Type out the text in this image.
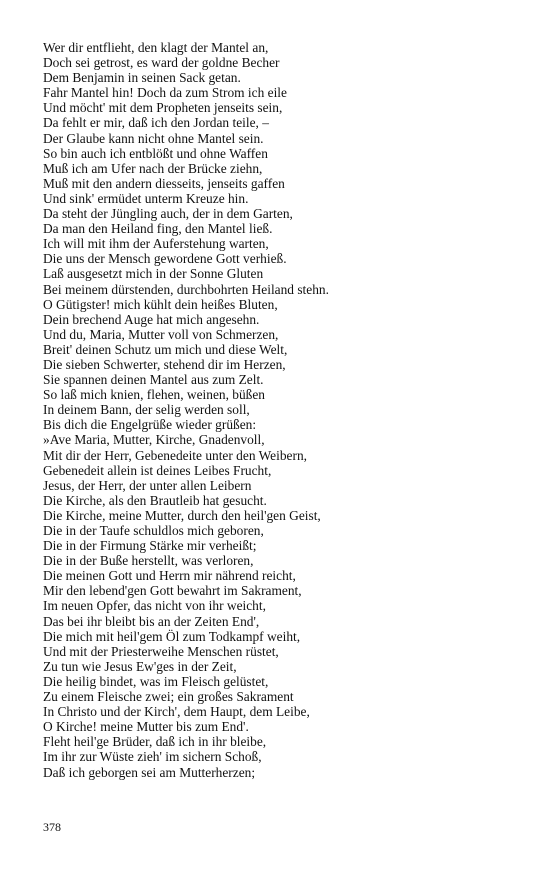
Wer dir entflieht, den klagt der Mantel an,
Doch sei getrost, es ward der goldne Becher
Dem Benjamin in seinen Sack getan.
Fahr Mantel hin! Doch da zum Strom ich eile
Und möcht' mit dem Propheten jenseits sein,
Da fehlt er mir, daß ich den Jordan teile, –
Der Glaube kann nicht ohne Mantel sein.
So bin auch ich entblößt und ohne Waffen
Muß ich am Ufer nach der Brücke ziehn,
Muß mit den andern diesseits, jenseits gaffen
Und sink' ermüdet unterm Kreuze hin.
Da steht der Jüngling auch, der in dem Garten,
Da man den Heiland fing, den Mantel ließ.
Ich will mit ihm der Auferstehung warten,
Die uns der Mensch gewordene Gott verhieß.
Laß ausgesetzt mich in der Sonne Gluten
Bei meinem dürstenden, durchbohrten Heiland stehn.
O Gütigster! mich kühlt dein heißes Bluten,
Dein brechend Auge hat mich angesehn.
Und du, Maria, Mutter voll von Schmerzen,
Breit' deinen Schutz um mich und diese Welt,
Die sieben Schwerter, stehend dir im Herzen,
Sie spannen deinen Mantel aus zum Zelt.
So laß mich knien, flehen, weinen, büßen
In deinem Bann, der selig werden soll,
Bis dich die Engelgrüße wieder grüßen:
»Ave Maria, Mutter, Kirche, Gnadenvoll,
Mit dir der Herr, Gebenedeite unter den Weibern,
Gebenedeit allein ist deines Leibes Frucht,
Jesus, der Herr, der unter allen Leibern
Die Kirche, als den Brautleib hat gesucht.
Die Kirche, meine Mutter, durch den heil'gen Geist,
Die in der Taufe schuldlos mich geboren,
Die in der Firmung Stärke mir verheißt;
Die in der Buße herstellt, was verloren,
Die meinen Gott und Herrn mir nährend reicht,
Mir den lebend'gen Gott bewahrt im Sakrament,
Im neuen Opfer, das nicht von ihr weicht,
Das bei ihr bleibt bis an der Zeiten End',
Die mich mit heil'gem Öl zum Todkampf weiht,
Und mit der Priesterweihe Menschen rüstet,
Zu tun wie Jesus Ew'ges in der Zeit,
Die heilig bindet, was im Fleisch gelüstet,
Zu einem Fleische zwei; ein großes Sakrament
In Christo und der Kirch', dem Haupt, dem Leibe,
O Kirche! meine Mutter bis zum End'.
Fleht heil'ge Brüder, daß ich in ihr bleibe,
Im ihr zur Wüste zieh' im sichern Schoß,
Daß ich geborgen sei am Mutterherzen;
378
